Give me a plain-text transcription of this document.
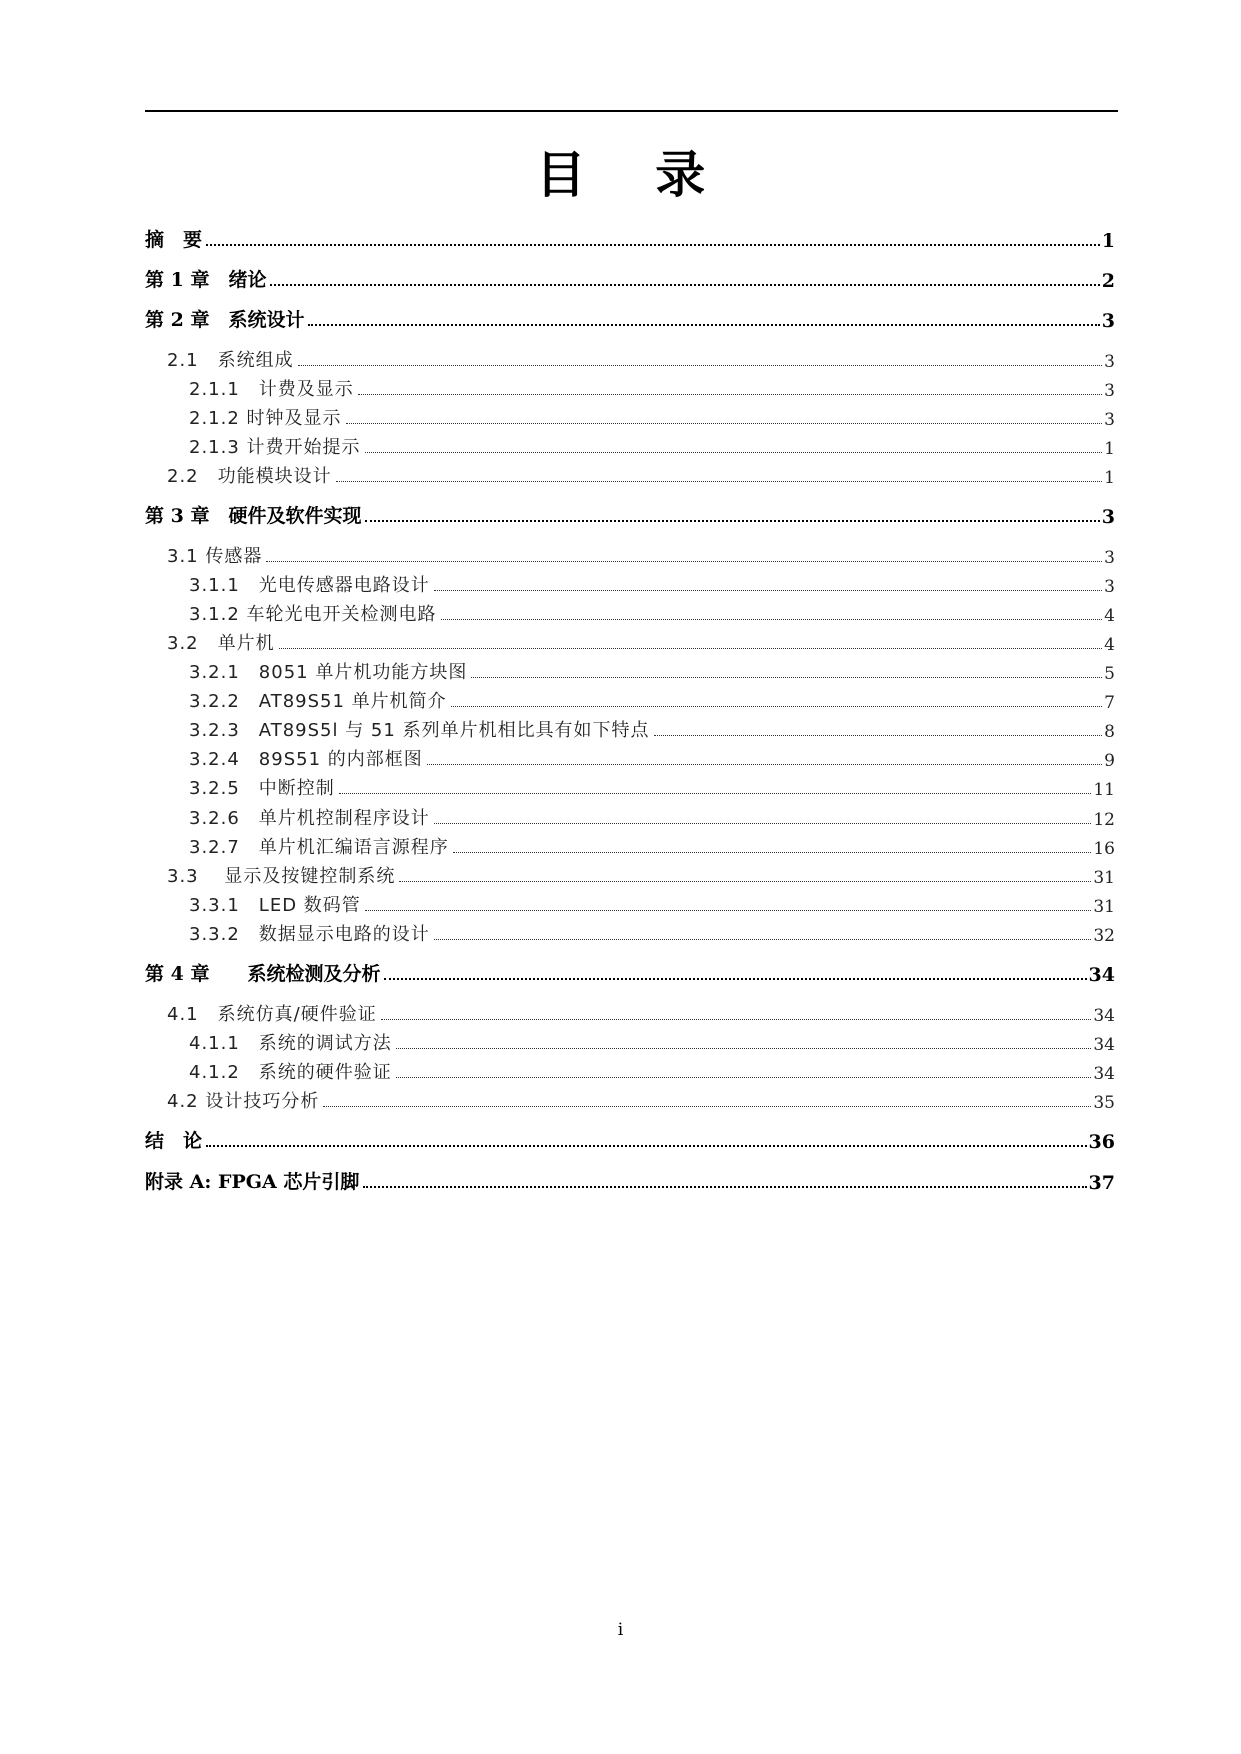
目 录
摘　要	1
第 1 章　绪论	2
第 2 章　系统设计	3
2.1　系统组成	3
2.1.1　计费及显示	3
2.1.2 时钟及显示	3
2.1.3 计费开始提示	1
2.2　功能模块设计	1
第 3 章　硬件及软件实现	3
3.1 传感器	3
3.1.1　光电传感器电路设计	3
3.1.2 车轮光电开关检测电路	4
3.2　单片机	4
3.2.1　8051 单片机功能方块图	5
3.2.2　AT89S51 单片机简介	7
3.2.3　AT89S5l 与 51 系列单片机相比具有如下特点	8
3.2.4　89S51 的内部框图	9
3.2.5　中断控制	11
3.2.6　单片机控制程序设计	12
3.2.7　单片机汇编语言源程序	16
3.3　 显示及按键控制系统	31
3.3.1　LED 数码管	31
3.3.2　数据显示电路的设计	32
第 4 章　　系统检测及分析	34
4.1　系统仿真/硬件验证	34
4.1.1　系统的调试方法	34
4.1.2　系统的硬件验证	34
4.2 设计技巧分析	35
结　论	36
附录 A: FPGA 芯片引脚	37
i
